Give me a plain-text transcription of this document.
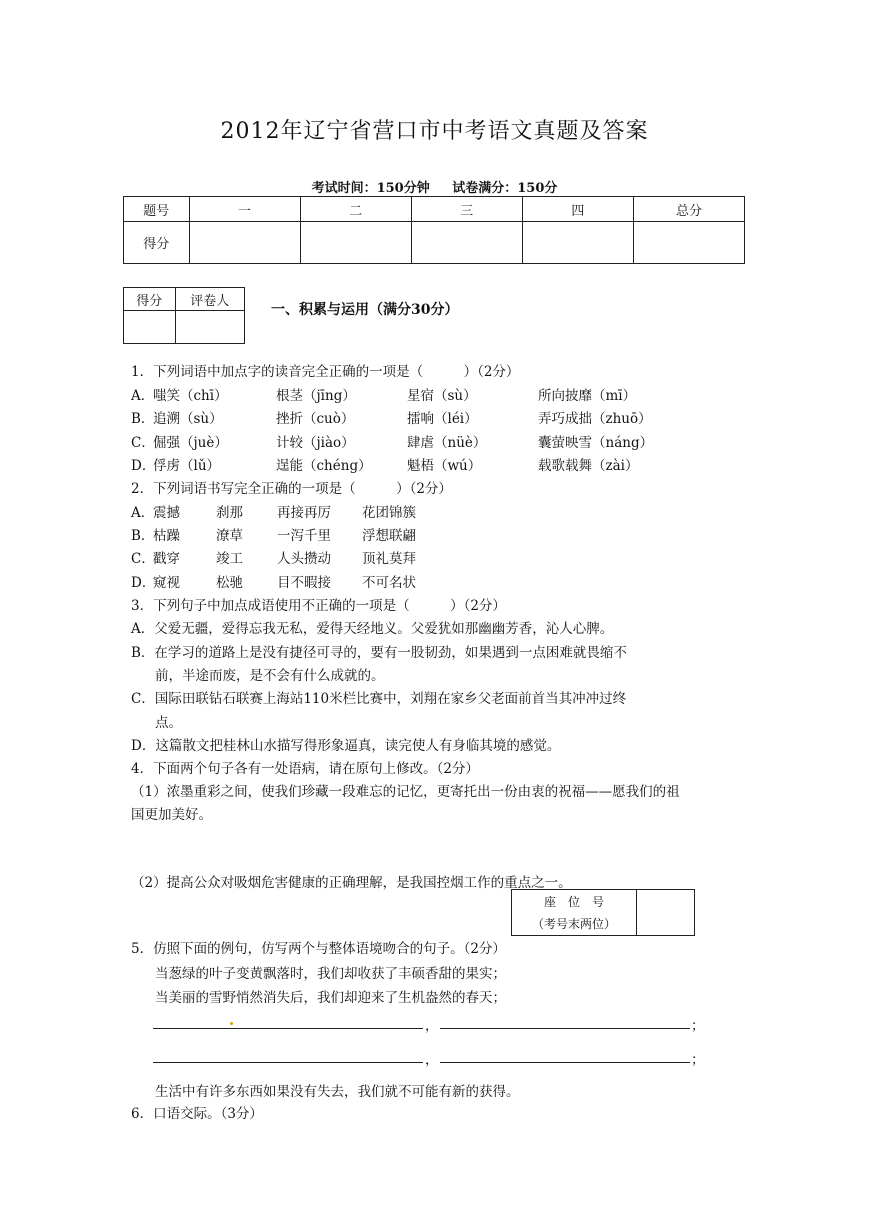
2012年辽宁省营口市中考语文真题及答案
考试时间：150分钟 试卷满分：150分
题号	一	二	三	四	总分
得分					
得分	评卷人

一、积累与运用（满分30分）
1．下列词语中加点字的读音完全正确的一项是（　　　）（2分）
A．
嗤笑（chī）	根茎（jīng）	星宿（sù）	所向披靡（mī）
B．
追溯（sù）	挫折（cuò）	擂响（léi）	弄巧成拙（zhuō）
C．
倔强（juè）	计较（jiào）	肆虐（nüè）	囊萤映雪（náng）
D．
俘虏（lǔ）	逞能（chéng）	魁梧（wú）	载歌载舞（zài）
2．下列词语书写完全正确的一项是（　　　）（2分）
A．
震撼	刹那	再接再厉 花团锦簇
B．
枯躁	潦草	一泻千里 浮想联翩
C．
戳穿	竣工	人头攒动 顶礼莫拜
D．
窥视	松驰	目不暇接 不可名状
3．下列句子中加点成语使用不正确的一项是（　　　）（2分）
A．父爱无疆，爱得忘我无私，爱得天经地义。父爱犹如那幽幽芳香，沁人心脾。
B．在学习的道路上是没有捷径可寻的，要有一股韧劲，如果遇到一点困难就畏缩不
前，半途而废，是不会有什么成就的。
C．国际田联钻石联赛上海站110米栏比赛中，刘翔在家乡父老面前首当其冲冲过终
点。
D．这篇散文把桂林山水描写得形象逼真，读完使人有身临其境的感觉。
4．下面两个句子各有一处语病，请在原句上修改。（2分）
（1）浓墨重彩之间，使我们珍藏一段难忘的记忆，更寄托出一份由衷的祝福——愿我们的祖
国更加美好。
（2）提高公众对吸烟危害健康的正确理解，是我国控烟工作的重点之一。
座　位　号
（考号末两位）

5．仿照下面的例句，仿写两个与整体语境吻合的句子。（2分）
当葱绿的叶子变黄飘落时，我们却收获了丰硕香甜的果实；
当美丽的雪野悄然消失后，我们却迎来了生机盎然的春天；
，	；
，	；
生活中有许多东西如果没有失去，我们就不可能有新的获得。
6．口语交际。（3分）
